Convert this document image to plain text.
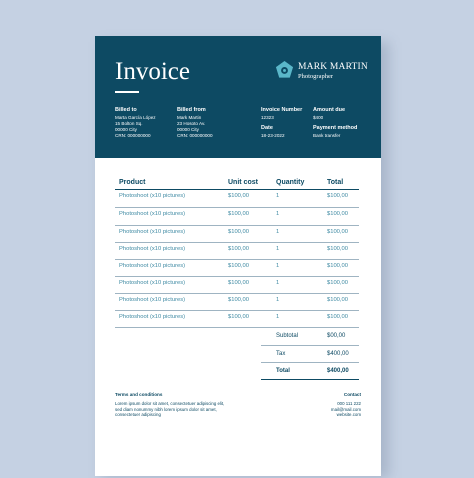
Invoice	MARK MARTIN
Photographer
Billed to
Marta García López
15 Bolton Sq.
00000 City
CRN: 000000000
Billed from
Mark Martin
23 Hosoto Av.
00000 City
CRN: 000000000
Invoice Number
12323
Amount due
$400
Date
18-23-2022
Payment method
Bank transfer
Product	Unit cost	Quantity	Total
Photoshoot (x10 pictures)	$100,00	1	$100,00
Photoshoot (x10 pictures)	$100,00	1	$100,00
Photoshoot (x10 pictures)	$100,00	1	$100,00
Photoshoot (x10 pictures)	$100,00	1	$100,00
Photoshoot (x10 pictures)	$100,00	1	$100,00
Photoshoot (x10 pictures)	$100,00	1	$100,00
Photoshoot (x10 pictures)	$100,00	1	$100,00
Photoshoot (x10 pictures)	$100,00	1	$100,00
Subtotal	$00,00
Tax	$400,00
Total	$400,00
Terms and conditions
Lorem ipsum dolor sit amet, consectetuer adipiscing elit,
sed diam nonummy nibh lorem ipsum dolor sit amet,
consectetuer adipiscing
Contact
000 111 222
mail@mail.com
website.com
